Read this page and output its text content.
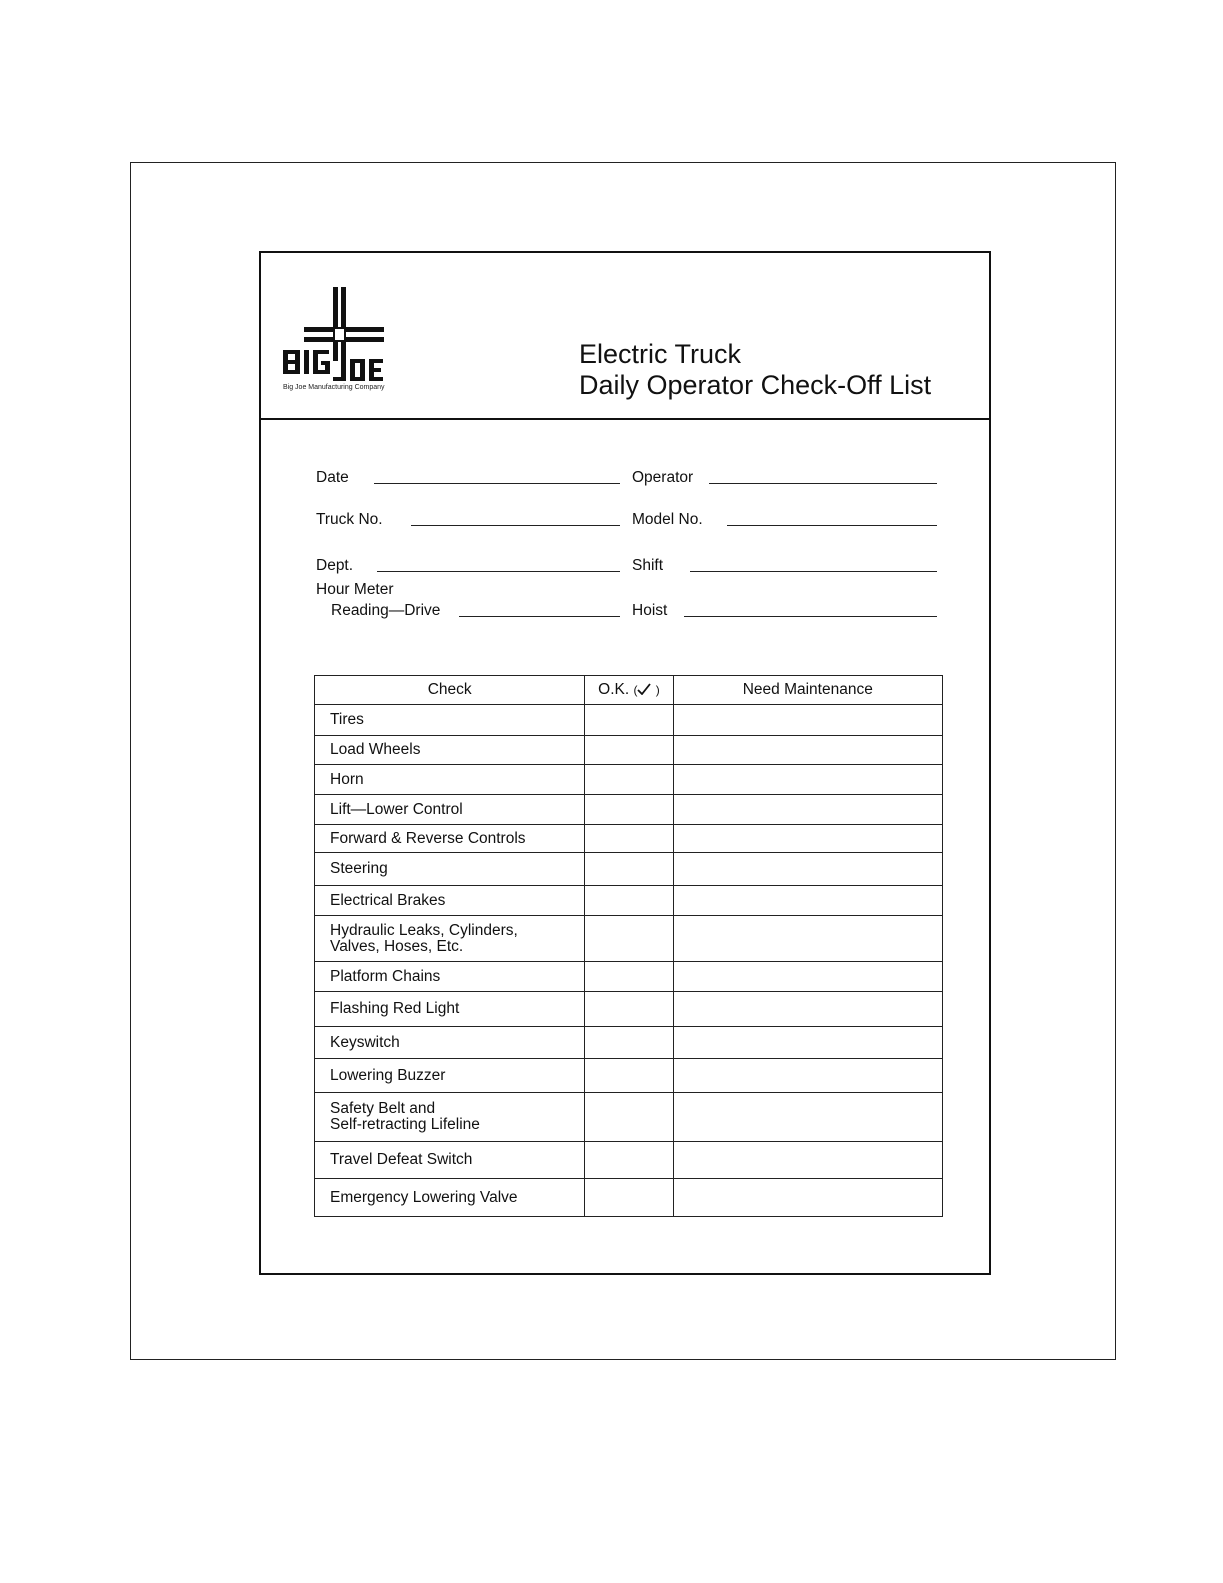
Big Joe Manufacturing Company
Electric Truck
Daily Operator Check-Off List
Date	Operator
Truck No.	Model No.
Dept.	Shift
Hour Meter
Reading—Drive	Hoist
Check	O.K. ( )	Need Maintenance

Tires		

Load Wheels		

Horn		

Lift—Lower Control		

Forward & Reverse Controls		

Steering		

Electrical Brakes		

Hydraulic Leaks, Cylinders,
Valves, Hoses, Etc.		

Platform Chains		

Flashing Red Light		

Keyswitch		

Lowering Buzzer		

Safety Belt and
Self-retracting Lifeline		

Travel Defeat Switch		

Emergency Lowering Valve		
